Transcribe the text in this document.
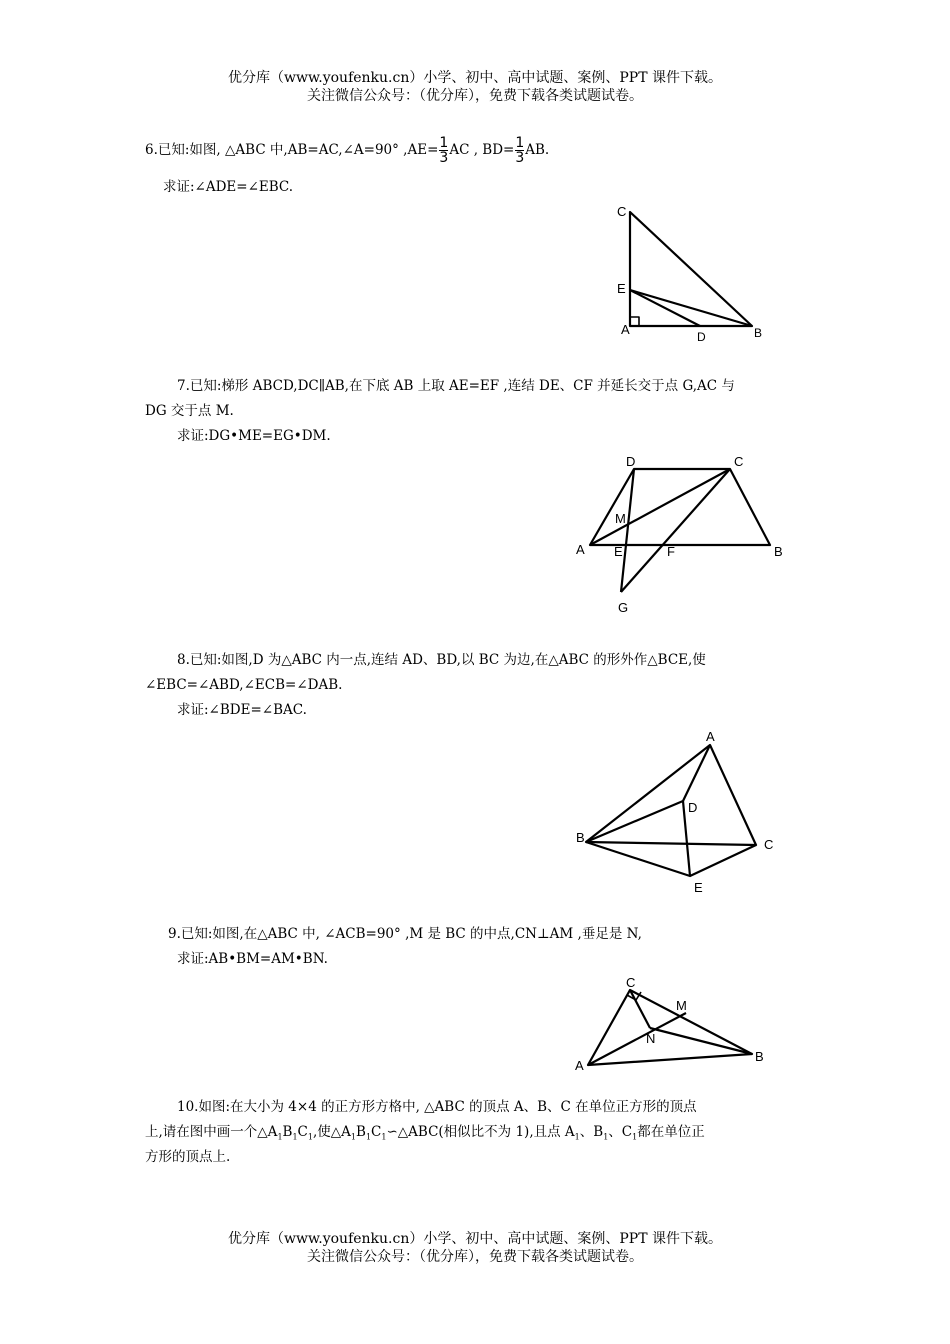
优分库（www.youfenku.cn）小学、初中、高中试题、案例、PPT 课件下载。
关注微信公众号：（优分库），免费下载各类试题试卷。
6.已知:如图, △ABC 中,AB=AC,∠A=90° $,AE= \frac{1}{3}$ AC , $BD= \frac{1}{3}$ AB.
求证:∠ADE=∠EBC.
C
E
A	D	B
7.已知:梯形 ABCD,DC∥AB,在下底 AB 上取 AE=EF ,连结 DE、CF 并延长交于点 G,AC 与
DG 交于点 M.
求证:DG•ME=EG•DM.
D	C
M
A E	F	B
G
8.已知:如图,D 为△ABC 内一点,连结 AD、BD,以 BC 为边,在△ABC 的形外作△BCE,使
∠EBC=∠ABD,∠ECB=∠DAB.
求证:∠BDE=∠BAC.
A
D
B	C
E
9.已知:如图,在△ABC 中, ∠ACB=90° ,M 是 BC 的中点,CN⊥AM ,垂足是 N,
求证:AB•BM=AM•BN.
C
M
N
A
B
10.如图:在大小为 4×4 的正方形方格中, △ABC 的顶点 A、B、C 在单位正方形的顶点
上,请在图中画一个$\triangle A_1B_1C_1$,使$\triangle A_1B_1C_1∽\triangle ABC$(相似比不为 1),且点 $A_1$、$B_1$、$C_1$都在单位正
方形的顶点上.
优分库（www.youfenku.cn）小学、初中、高中试题、案例、PPT 课件下载。
关注微信公众号：（优分库），免费下载各类试题试卷。
